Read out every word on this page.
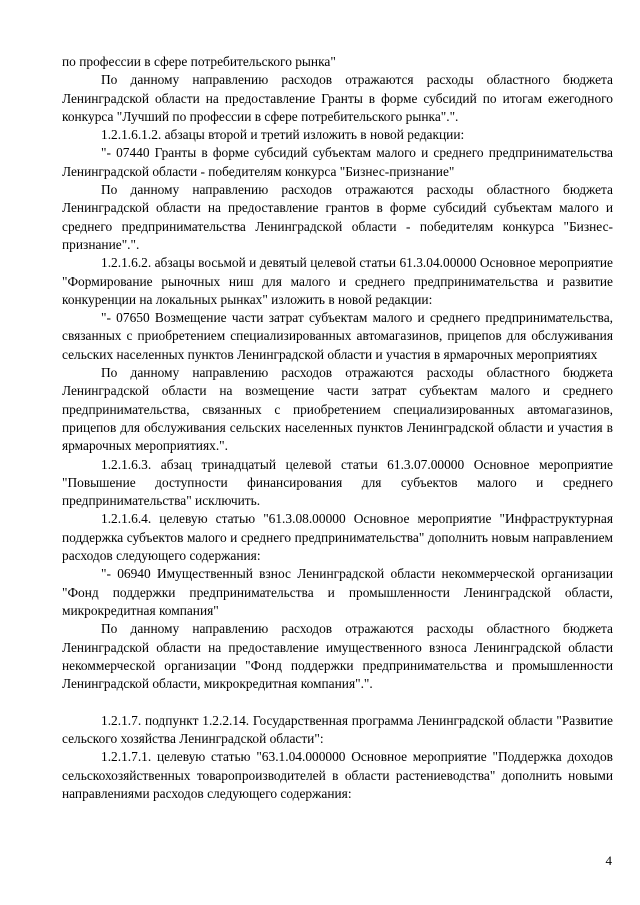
по профессии в сфере потребительского рынка"

По данному направлению расходов отражаются расходы областного бюджета Ленинградской области на предоставление Гранты в форме субсидий по итогам ежегодного конкурса "Лучший по профессии в сфере потребительского рынка".".

1.2.1.6.1.2. абзацы второй и третий изложить в новой редакции:

"- 07440 Гранты в форме субсидий субъектам малого и среднего предпринимательства Ленинградской области - победителям конкурса "Бизнес-признание"

По данному направлению расходов отражаются расходы областного бюджета Ленинградской области на предоставление грантов в форме субсидий субъектам малого и среднего предпринимательства Ленинградской области - победителям конкурса "Бизнес-признание".".

1.2.1.6.2. абзацы восьмой и девятый целевой статьи 61.3.04.00000 Основное мероприятие "Формирование рыночных ниш для малого и среднего предпринимательства и развитие конкуренции на локальных рынках" изложить в новой редакции:

"- 07650 Возмещение части затрат субъектам малого и среднего предпринимательства, связанных с приобретением специализированных автомагазинов, прицепов для обслуживания сельских населенных пунктов Ленинградской области и участия в ярмарочных мероприятиях

По данному направлению расходов отражаются расходы областного бюджета Ленинградской области на возмещение части затрат субъектам малого и среднего предпринимательства, связанных с приобретением специализированных автомагазинов, прицепов для обслуживания сельских населенных пунктов Ленинградской области и участия в ярмарочных мероприятиях.".

1.2.1.6.3. абзац тринадцатый целевой статьи 61.3.07.00000 Основное мероприятие "Повышение доступности финансирования для субъектов малого и среднего предпринимательства" исключить.

1.2.1.6.4. целевую статью "61.3.08.00000 Основное мероприятие "Инфраструктурная поддержка субъектов малого и среднего предпринимательства" дополнить новым направлением расходов следующего содержания:

"- 06940 Имущественный взнос Ленинградской области некоммерческой организации "Фонд поддержки предпринимательства и промышленности Ленинградской области, микрокредитная компания"

По данному направлению расходов отражаются расходы областного бюджета Ленинградской области на предоставление имущественного взноса Ленинградской области некоммерческой организации "Фонд поддержки предпринимательства и промышленности Ленинградской области, микрокредитная компания".".

1.2.1.7. подпункт 1.2.2.14. Государственная программа Ленинградской области "Развитие сельского хозяйства Ленинградской области":

1.2.1.7.1. целевую статью "63.1.04.000000 Основное мероприятие "Поддержка доходов сельскохозяйственных товаропроизводителей в области растениеводства" дополнить новыми направлениями расходов следующего содержания:

4
